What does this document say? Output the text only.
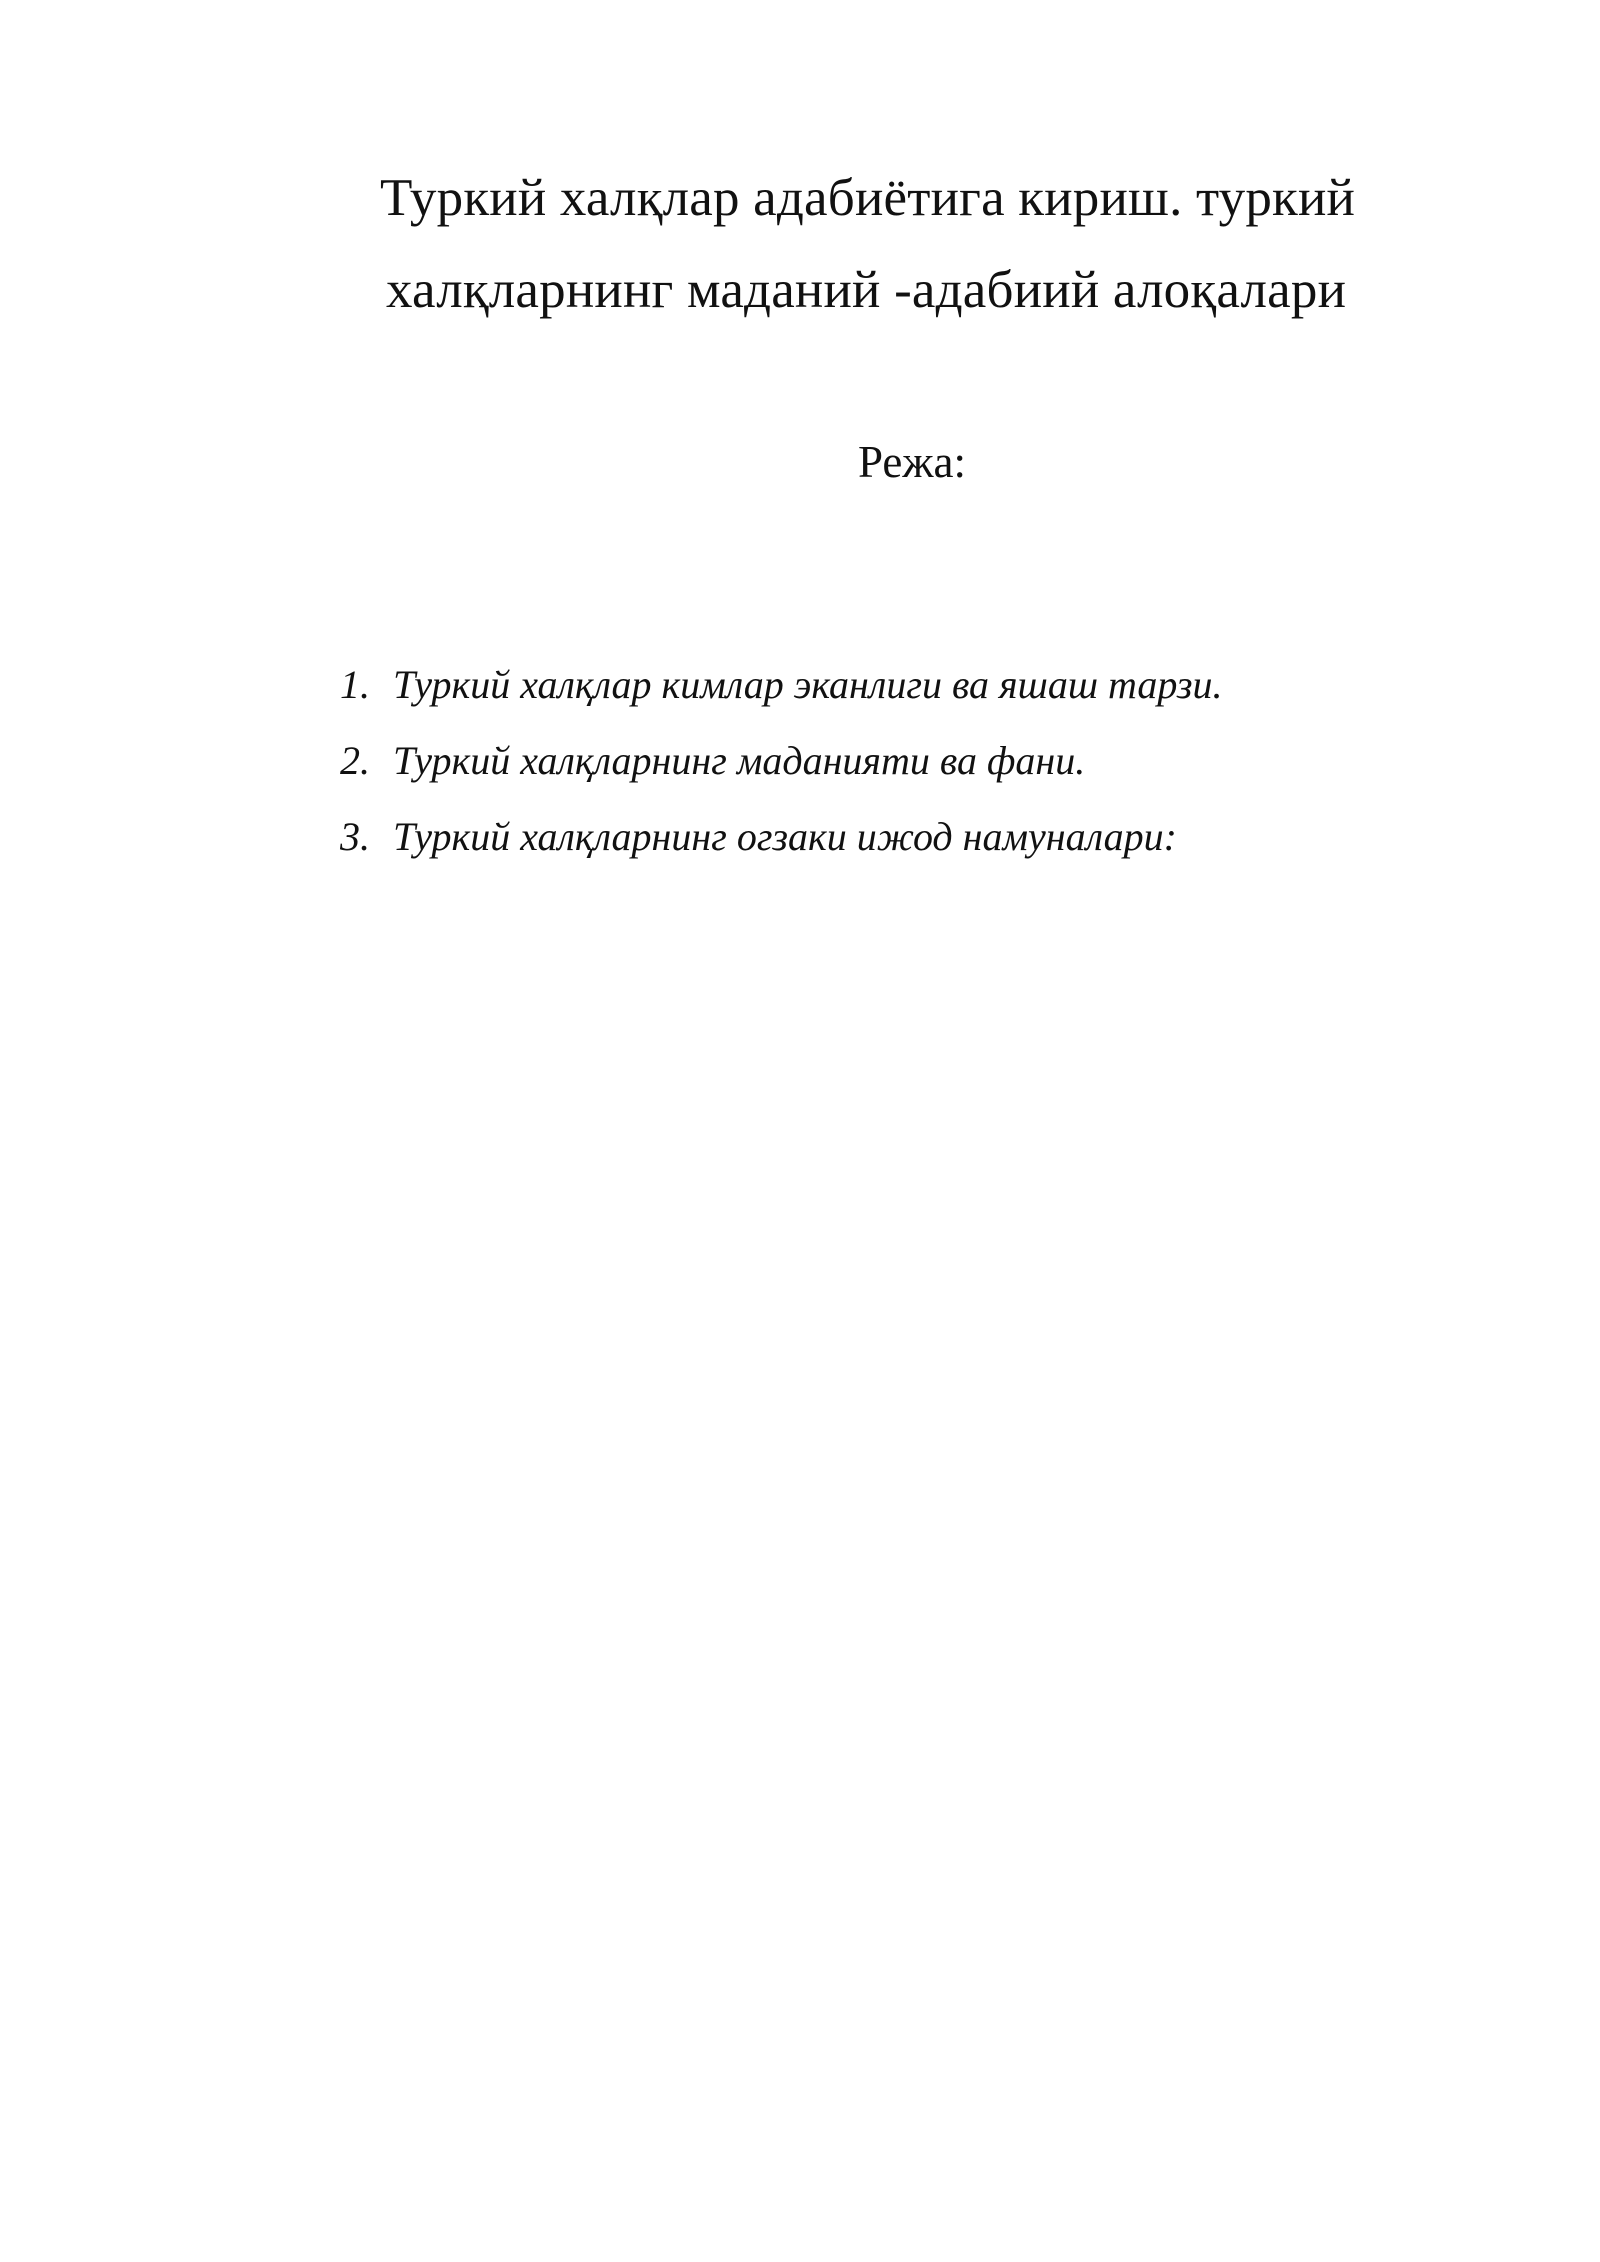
Туркий халқлар адабиётига кириш. туркий
халқларнинг маданий -адабиий алоқалари
Режа:
1. Туркий халқлар кимлар эканлиги ва яшаш тарзи.
2. Туркий халқларнинг маданияти ва фани.
3. Туркий халқларнинг огзаки ижод намуналари:
